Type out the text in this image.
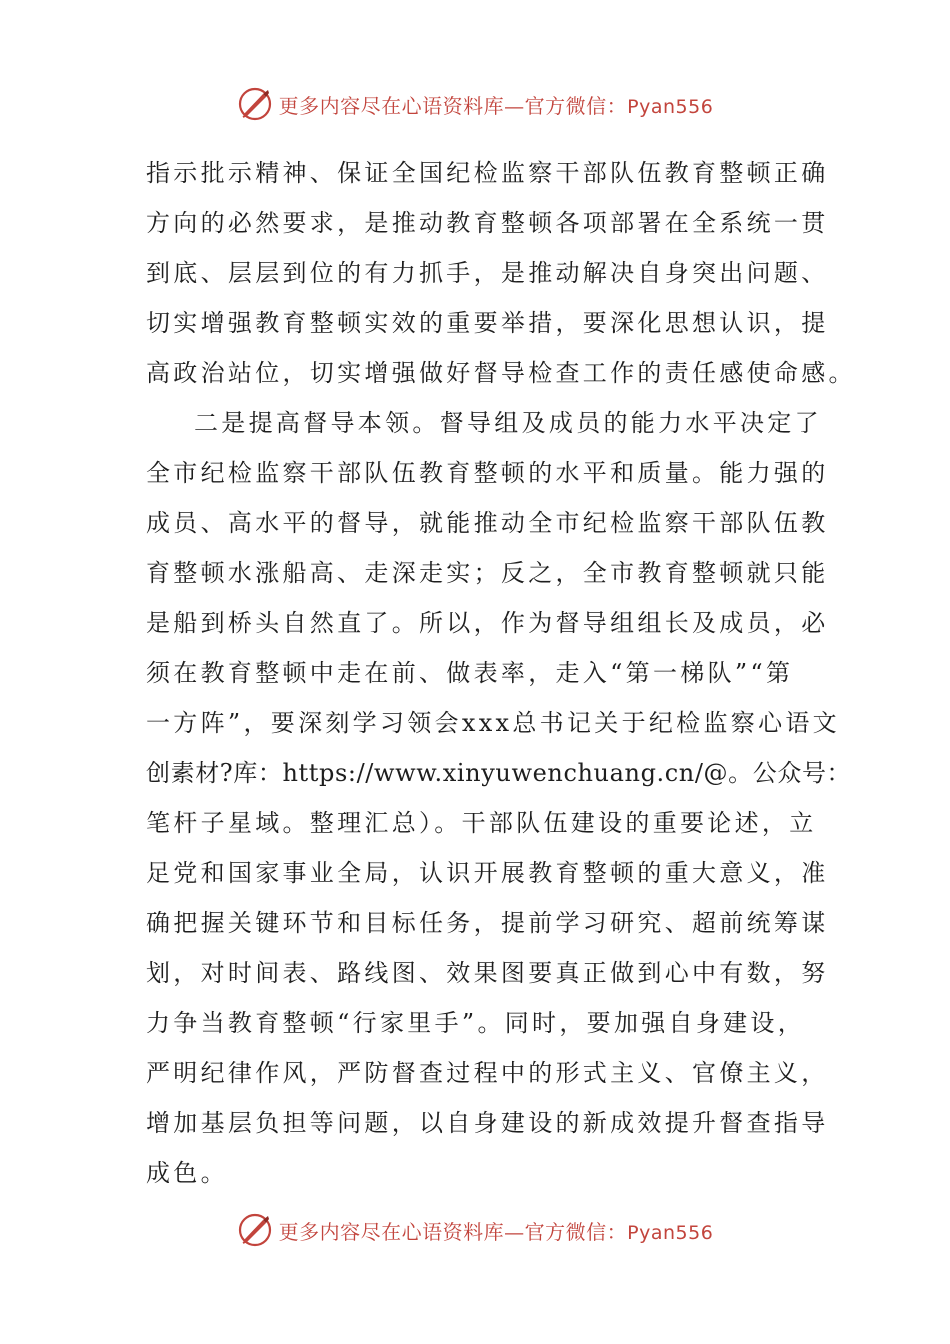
更多内容尽在心语资料库—官方微信：Pyan556
指示批示精神、保证全国纪检监察干部队伍教育整顿正确
方向的必然要求，是推动教育整顿各项部署在全系统一贯
到底、层层到位的有力抓手，是推动解决自身突出问题、
切实增强教育整顿实效的重要举措，要深化思想认识，提
高政治站位，切实增强做好督导检查工作的责任感使命感。
二是提高督导本领。督导组及成员的能力水平决定了
全市纪检监察干部队伍教育整顿的水平和质量。能力强的
成员、高水平的督导，就能推动全市纪检监察干部队伍教
育整顿水涨船高、走深走实；反之，全市教育整顿就只能
是船到桥头自然直了。所以，作为督导组组长及成员，必
须在教育整顿中走在前、做表率，走入“第一梯队”“第
一方阵”，要深刻学习领会xxx总书记关于纪检监察心语文
创素材?库：https://www.xinyuwenchuang.cn/@。公众号：
笔杆子星域。整理汇总）。干部队伍建设的重要论述，立
足党和国家事业全局，认识开展教育整顿的重大意义，准
确把握关键环节和目标任务，提前学习研究、超前统筹谋
划，对时间表、路线图、效果图要真正做到心中有数，努
力争当教育整顿“行家里手”。同时，要加强自身建设，
严明纪律作风，严防督查过程中的形式主义、官僚主义，
增加基层负担等问题，以自身建设的新成效提升督查指导
成色。
更多内容尽在心语资料库—官方微信：Pyan556
